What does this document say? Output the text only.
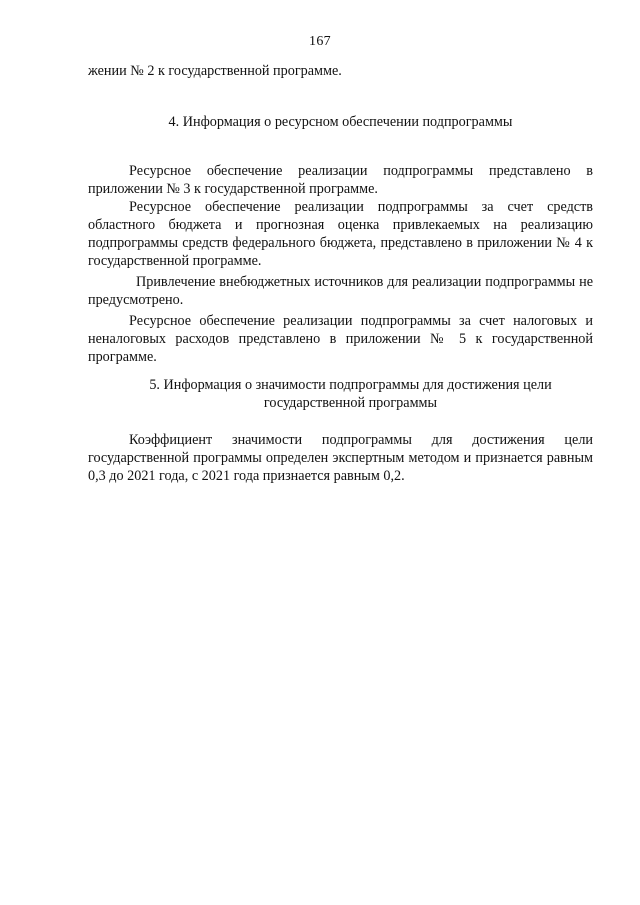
167

жении № 2 к государственной программе.

4. Информация о ресурсном обеспечении подпрограммы

Ресурсное обеспечение реализации подпрограммы представлено в приложении № 3 к государственной программе.

Ресурсное обеспечение реализации подпрограммы за счет средств областного бюджета и прогнозная оценка привлекаемых на реализацию подпрограммы средств федерального бюджета, представлено в приложении № 4 к государственной программе.

Привлечение внебюджетных источников для реализации подпрограммы не предусмотрено.

Ресурсное обеспечение реализации подпрограммы за счет налоговых и неналоговых расходов представлено в приложении № 5 к государственной программе.

5. Информация о значимости подпрограммы для достижения цели
государственной программы

Коэффициент значимости подпрограммы для достижения цели государственной программы определен экспертным методом и признается равным 0,3 до 2021 года, с 2021 года признается равным 0,2.
